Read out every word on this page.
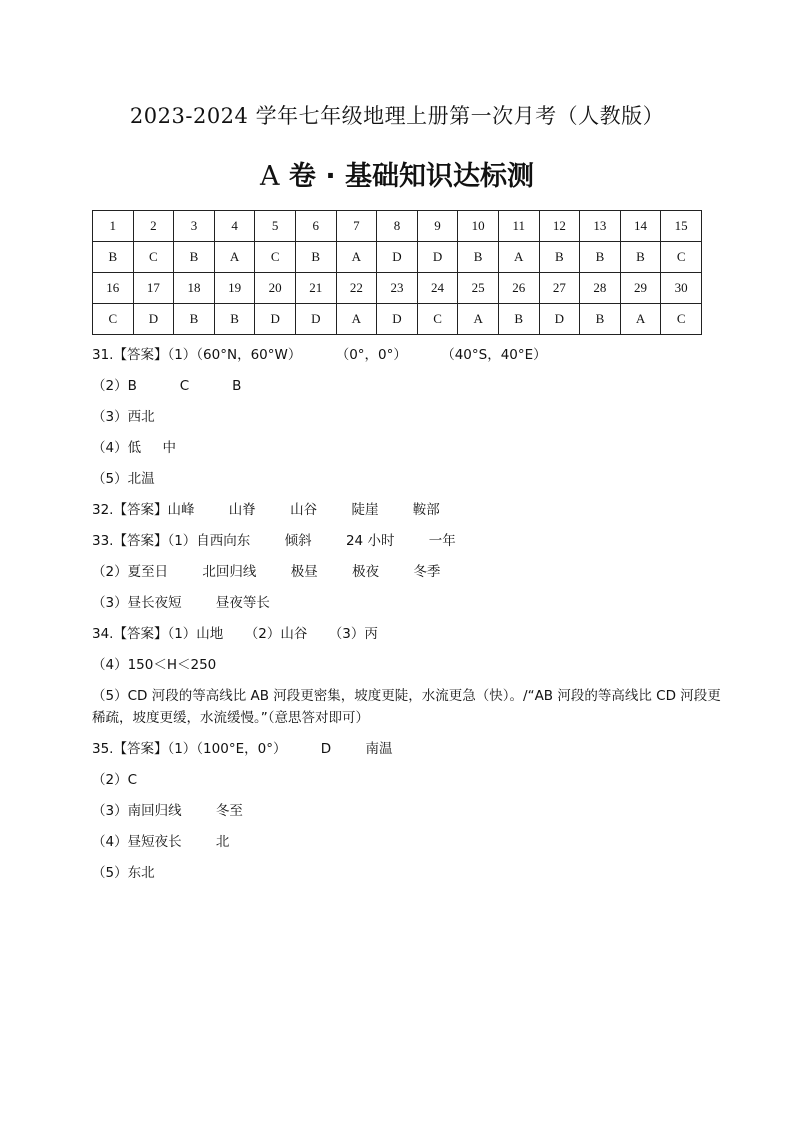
2023-2024 学年七年级地理上册第一次月考（人教版）
A 卷 · 基础知识达标测
1	2	3	4	5	6	7	8	9	10	11	12	13	14	15
B	C	B	A	C	B	A	D	D	B	A	B	B	B	C
16	17	18	19	20	21	22	23	24	25	26	27	28	29	30
C	D	B	B	D	D	A	D	C	A	B	D	B	A	C
31.【答案】（1）（60°N，60°W）        （0°，0°）        （40°S，40°E）
（2）B          C          B
（3）西北
（4）低     中
（5）北温
32.【答案】山峰        山脊        山谷        陡崖        鞍部
33.【答案】（1）自西向东        倾斜        24 小时        一年
（2）夏至日        北回归线        极昼        极夜        冬季
（3）昼长夜短        昼夜等长
34.【答案】（1）山地     （2）山谷     （3）丙
（4）150＜H＜250
（5）CD 河段的等高线比 AB 河段更密集，坡度更陡，水流更急（快）。/“AB 河段的等高线比 CD 河段更稀疏，坡度更缓，水流缓慢。”（意思答对即可）
35.【答案】（1）（100°E，0°）        D        南温
（2）C
（3）南回归线        冬至
（4）昼短夜长        北
（5）东北
